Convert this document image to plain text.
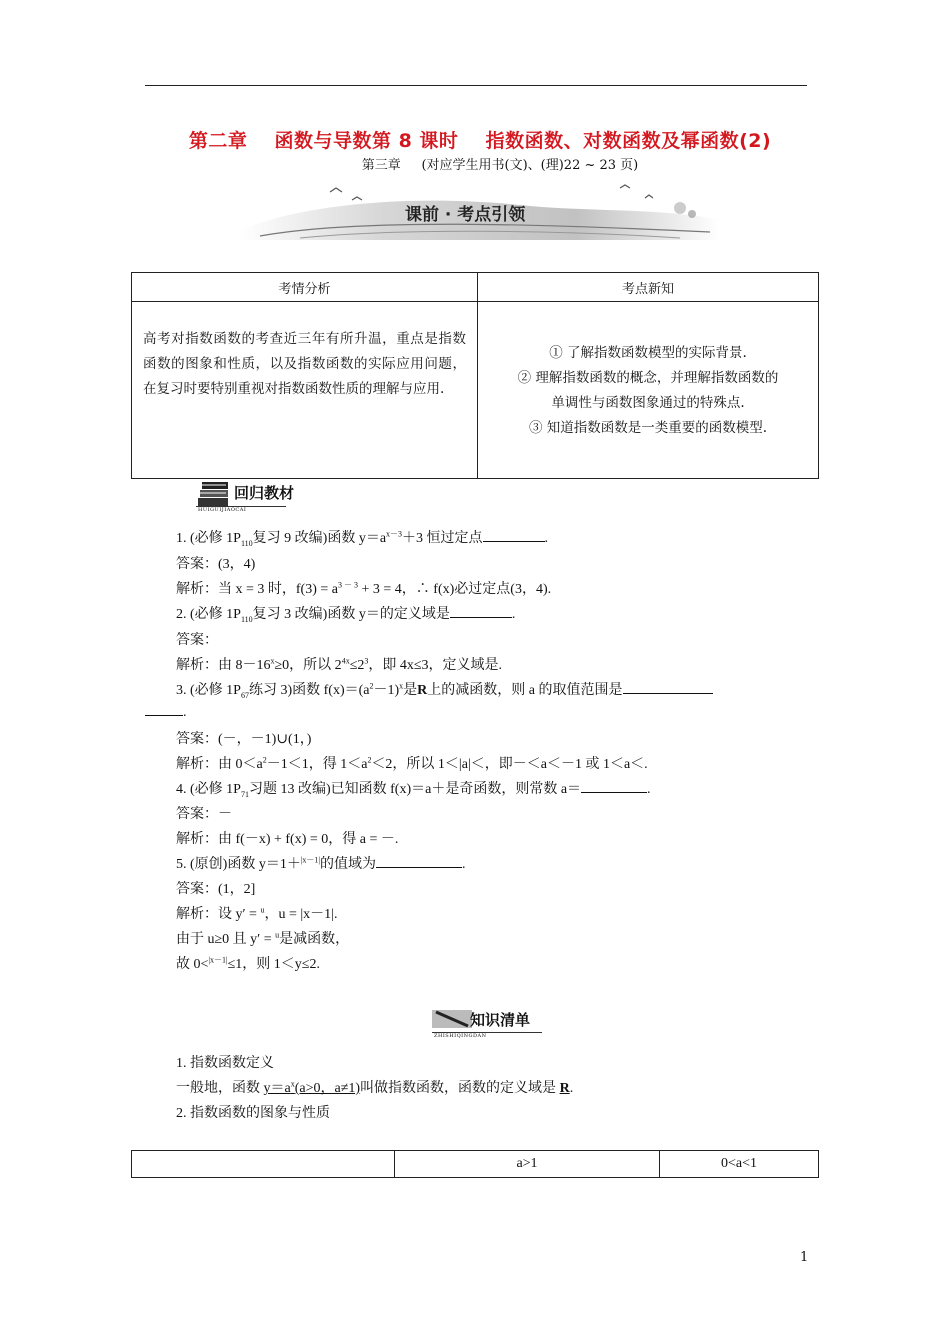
第二章 函数与导数第 8 课时 指数函数、对数函数及幂函数(2)
第三章 (对应学生用书(文)、(理)22 ~ 23 页)
课前 · 考点引领
考情分析	考点新知

高考对指数函数的考查近三年有所升温，重点是指数函数的图象和性质，以及指数函数的实际应用问题，在复习时要特别重视对指数函数性质的理解与应用.	① 了解指数函数模型的实际背景.
② 理解指数函数的概念，并理解指数函数的
单调性与函数图象通过的特殊点.
③ 知道指数函数是一类重要的函数模型.
回归教材
HUIGUIJIAOCAI
1. (必修 $1P_{110}$复习 9 改编)函数 $y=a^{x-3}+3$ 恒过定点	.
答案：(3，4)
解析：当 x = 3 时，$f(3) = a^{3 - 3} + 3 = 4$，∴ f(x)必过定点(3，4).
2. (必修 $1P_{110}$复习 3 改编)函数 y＝的定义域是	.
答案：
解析：由 $8-16^x\ge 0$，所以 $2^{4x}\le 2^3$，即 4x≤3，定义域是.
3. (必修 $1P_{67}$练习 3)函数 $f(x)=(a^2-1)^x$是R上的减函数，则 a 的取值范围是
.
答案：(－，－1)∪(1，)
解析：由 $0<a^2-1<1$，得 $1<a^2<2$，所以 1＜|a|＜，即－＜a＜－1 或 1＜a＜.
4. (必修 $1P_{71}$习题 13 改编)已知函数 f(x)＝a＋是奇函数，则常数 a＝	.
答案：－
解析：由 f(－x) + f(x) = 0，得 a = －.
5. (原创)函数 y＝1＋$^{|x-1|}$的值域为	.
答案：(1，2]
解析：设 y′ = $^u$，u = |x－1|.
由于 u≥0 且 y′ = $^u$是减函数，
故 0<$^{|x-1|}$≤1，则 1＜y≤2.
知识清单
ZHISHIQINGDAN
1. 指数函数定义
一般地，函数 $y=a^x(a>0$，a≠1)叫做指数函数，函数的定义域是 R.
2. 指数函数的图象与性质
	a>1	0<a<1
1
